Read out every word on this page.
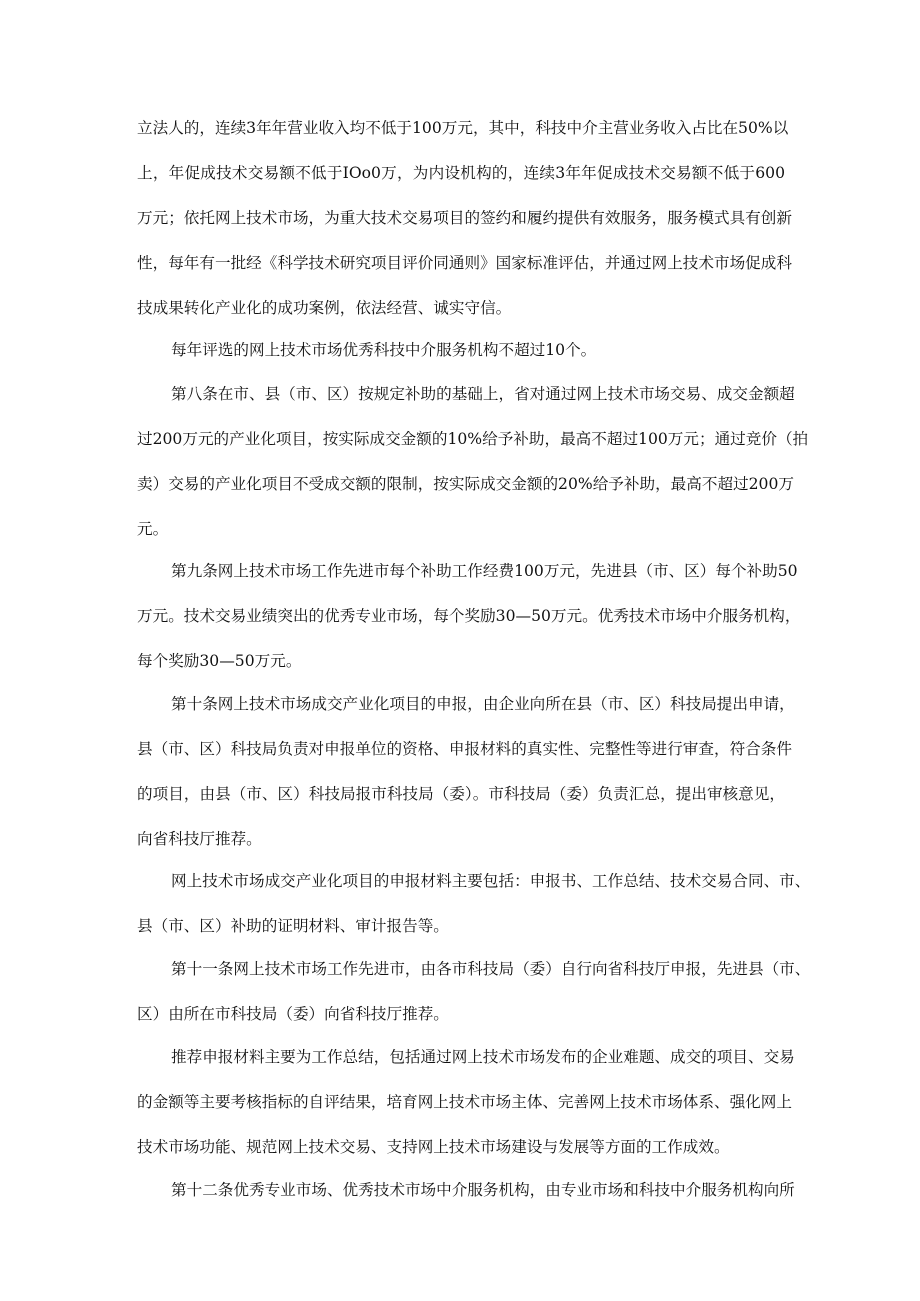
立法人的，连续3年年营业收入均不低于100万元，其中，科技中介主营业务收入占比在50%以
上，年促成技术交易额不低于IOo0万，为内设机构的，连续3年年促成技术交易额不低于600
万元；依托网上技术市场，为重大技术交易项目的签约和履约提供有效服务，服务模式具有创新
性，每年有一批经《科学技术研究项目评价同通则》国家标准评估，并通过网上技术市场促成科
技成果转化产业化的成功案例，依法经营、诚实守信。
每年评选的网上技术市场优秀科技中介服务机构不超过10个。
第八条在市、县（市、区）按规定补助的基础上，省对通过网上技术市场交易、成交金额超
过200万元的产业化项目，按实际成交金额的10%给予补助，最高不超过100万元；通过竞价（拍
卖）交易的产业化项目不受成交额的限制，按实际成交金额的20%给予补助，最高不超过200万
元。
第九条网上技术市场工作先进市每个补助工作经费100万元，先进县（市、区）每个补助50
万元。技术交易业绩突出的优秀专业市场，每个奖励30—50万元。优秀技术市场中介服务机构，
每个奖励30—50万元。
第十条网上技术市场成交产业化项目的申报，由企业向所在县（市、区）科技局提出申请，
县（市、区）科技局负责对申报单位的资格、申报材料的真实性、完整性等进行审查，符合条件
的项目，由县（市、区）科技局报市科技局（委）。市科技局（委）负责汇总，提出审核意见，
向省科技厅推荐。
网上技术市场成交产业化项目的申报材料主要包括：申报书、工作总结、技术交易合同、市、
县（市、区）补助的证明材料、审计报告等。
第十一条网上技术市场工作先进市，由各市科技局（委）自行向省科技厅申报，先进县（市、
区）由所在市科技局（委）向省科技厅推荐。
推荐申报材料主要为工作总结，包括通过网上技术市场发布的企业难题、成交的项目、交易
的金额等主要考核指标的自评结果，培育网上技术市场主体、完善网上技术市场体系、强化网上
技术市场功能、规范网上技术交易、支持网上技术市场建设与发展等方面的工作成效。
第十二条优秀专业市场、优秀技术市场中介服务机构，由专业市场和科技中介服务机构向所
